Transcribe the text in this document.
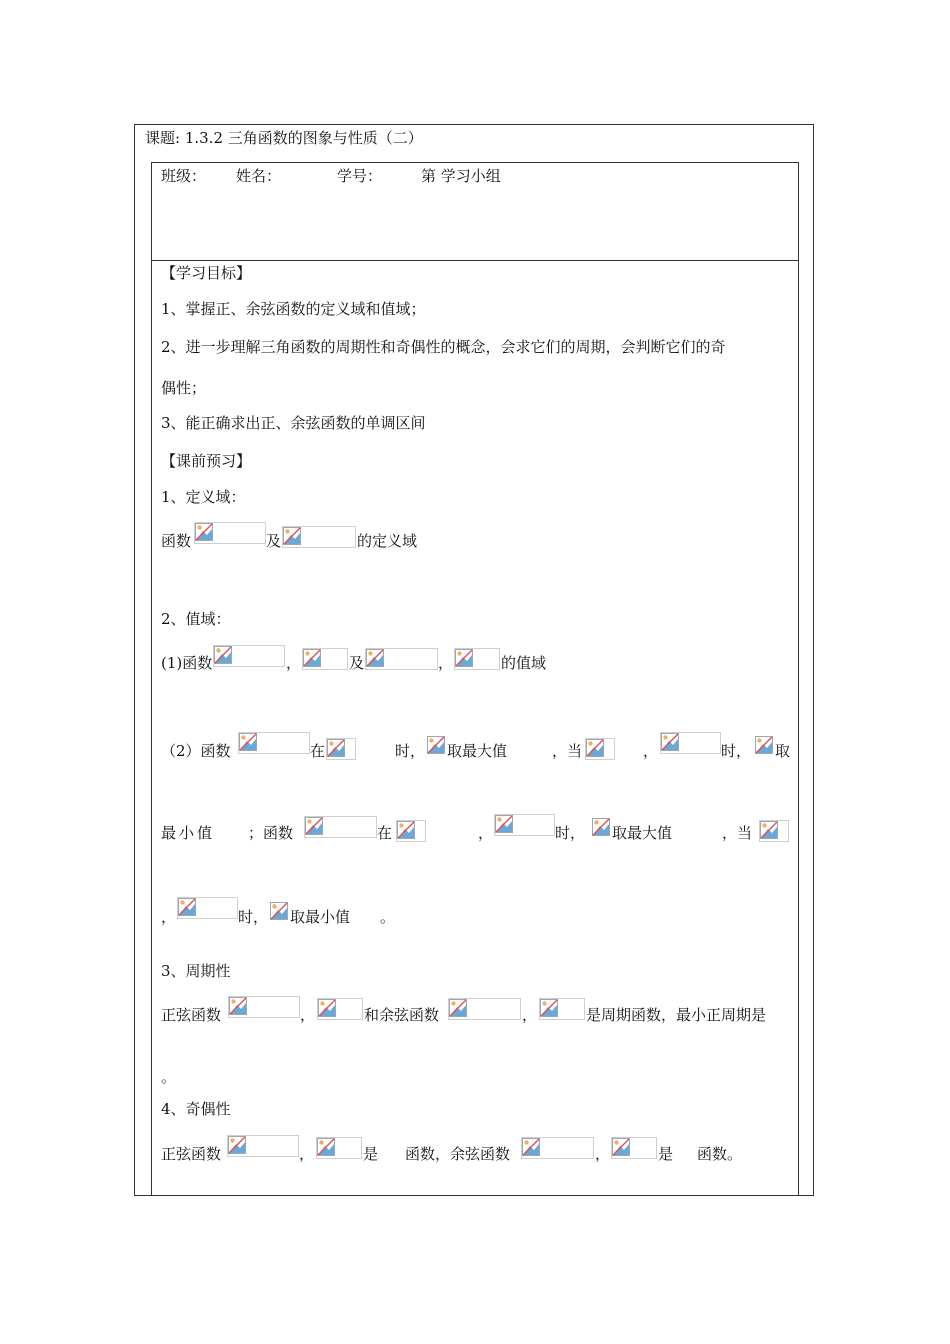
课题: 1.3.2 三角函数的图象与性质（二）
班级： 姓名：	学号：	第 学习小组
【学习目标】
1、掌握正、余弦函数的定义域和值域；
2、进一步理解三角函数的周期性和奇偶性的概念，会求它们的周期，会判断它们的奇
偶性；
3、能正确求出正、余弦函数的单调区间
【课前预习】
1、定义域：
函数	及	的定义域
2、值域：
(1)函数	，	及	，	的值域
（2）函数	在	时， 取最大值	，当	，	时， 取
最小值 ；函数	在	，	时， 取最大值	，当
，	时， 取最小值 。
3、周期性
正弦函数	，	和余弦函数	，	是周期函数，最小正周期是
。
4、奇偶性
正弦函数	，	是 函数，余弦函数	，	是 函数。
